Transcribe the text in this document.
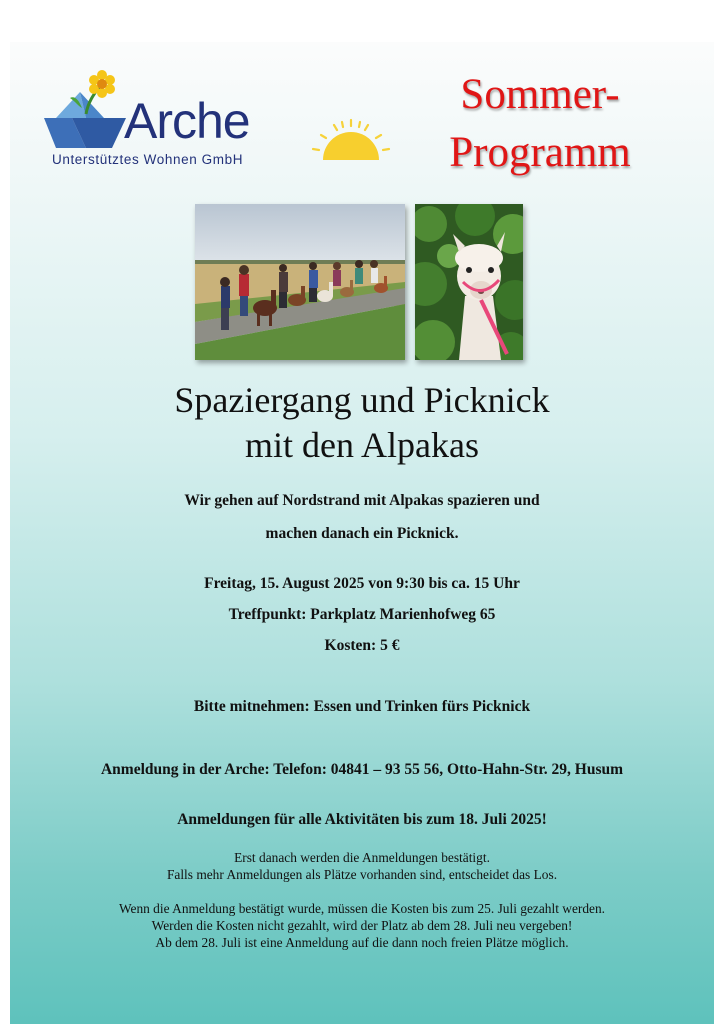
Arche
Unterstütztes Wohnen GmbH
Sommer-
Programm
Spaziergang und Picknick
mit den Alpakas
Wir gehen auf Nordstrand mit Alpakas spazieren und
machen danach ein Picknick.
Freitag, 15. August 2025 von 9:30 bis ca. 15 Uhr
Treffpunkt: Parkplatz Marienhofweg 65
Kosten: 5 €
Bitte mitnehmen: Essen und Trinken fürs Picknick
Anmeldung in der Arche: Telefon: 04841 – 93 55 56, Otto-Hahn-Str. 29, Husum
Anmeldungen für alle Aktivitäten bis zum 18. Juli 2025!
Erst danach werden die Anmeldungen bestätigt.
Falls mehr Anmeldungen als Plätze vorhanden sind, entscheidet das Los.
Wenn die Anmeldung bestätigt wurde, müssen die Kosten bis zum 25. Juli gezahlt werden.
Werden die Kosten nicht gezahlt, wird der Platz ab dem 28. Juli neu vergeben!
Ab dem 28. Juli ist eine Anmeldung auf die dann noch freien Plätze möglich.
